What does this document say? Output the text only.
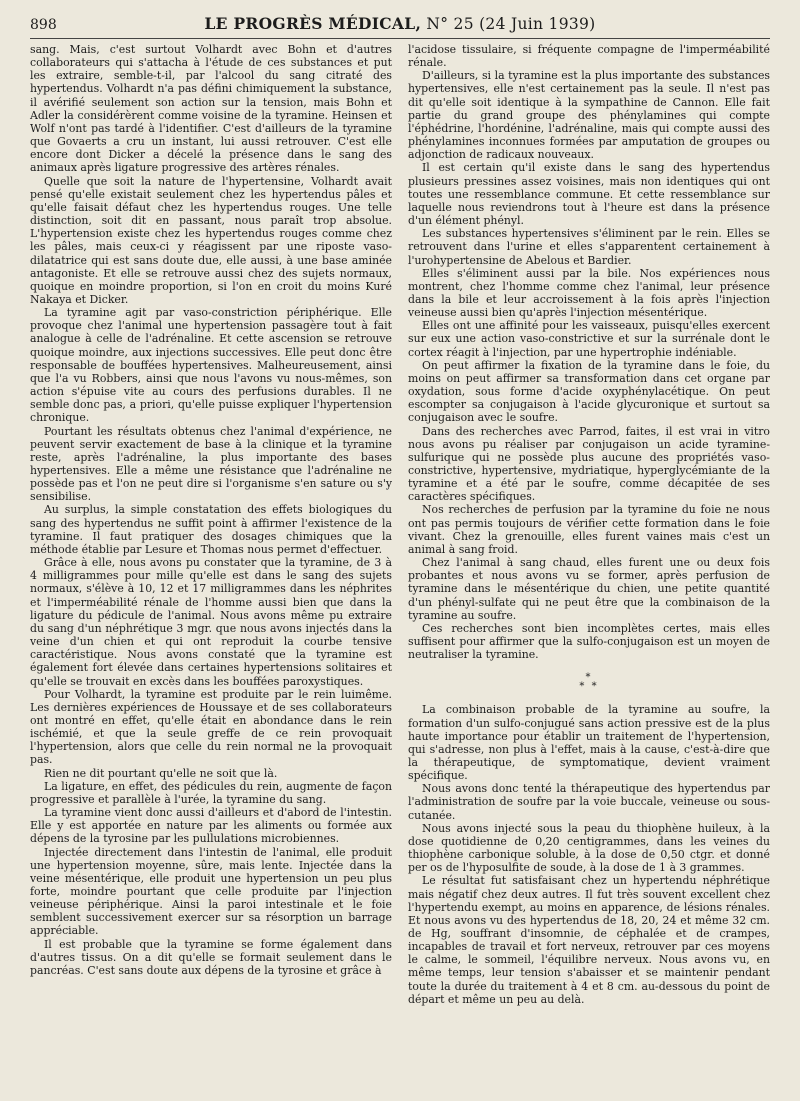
898	LE PROGRÈS MÉDICAL, N° 25 (24 Juin 1939)

sang. Mais, c'est surtout Volhardt avec Bohn et d'autres collaborateurs qui s'attacha à l'étude de ces substances et put les extraire, semble-t-il, par l'alcool du sang citraté des hypertendus. Volhardt n'a pas défini chimiquement la substance, il avérifié seulement son action sur la tension, mais Bohn et Adler la considérèrent comme voisine de la tyramine. Heinsen et Wolf n'ont pas tardé à l'identifier. C'est d'ailleurs de la tyramine que Govaerts a cru un instant, lui aussi retrouver. C'est elle encore dont Dicker a décelé la présence dans le sang des animaux après ligature progressive des artères rénales.

Quelle que soit la nature de l'hypertensine, Volhardt avait pensé qu'elle existait seulement chez les hypertendus pâles et qu'elle faisait défaut chez les hypertendus rouges. Une telle distinction, soit dit en passant, nous paraît trop absolue. L'hypertension existe chez les hypertendus rouges comme chez les pâles, mais ceux-ci y réagissent par une riposte vaso-dilatatrice qui est sans doute due, elle aussi, à une base aminée antagoniste. Et elle se retrouve aussi chez des sujets normaux, quoique en moindre proportion, si l'on en croit du moins Kuré Nakaya et Dicker.

La tyramine agit par vaso-constriction périphérique. Elle provoque chez l'animal une hypertension passagère tout à fait analogue à celle de l'adrénaline. Et cette ascension se retrouve quoique moindre, aux injections successives. Elle peut donc être responsable de bouffées hypertensives. Malheureusement, ainsi que l'a vu Robbers, ainsi que nous l'avons vu nous-mêmes, son action s'épuise vite au cours des perfusions durables. Il ne semble donc pas, a priori, qu'elle puisse expliquer l'hypertension chronique.

Pourtant les résultats obtenus chez l'animal d'expérience, ne peuvent servir exactement de base à la clinique et la tyramine reste, après l'adrénaline, la plus importante des bases hypertensives. Elle a même une résistance que l'adrénaline ne possède pas et l'on ne peut dire si l'organisme s'en sature ou s'y sensibilise.

Au surplus, la simple constatation des effets biologiques du sang des hypertendus ne suffit point à affirmer l'existence de la tyramine. Il faut pratiquer des dosages chimiques que la méthode établie par Lesure et Thomas nous permet d'effectuer.

Grâce à elle, nous avons pu constater que la tyramine, de 3 à 4 milligrammes pour mille qu'elle est dans le sang des sujets normaux, s'élève à 10, 12 et 17 milligrammes dans les néphrites et l'imperméabilité rénale de l'homme aussi bien que dans la ligature du pédicule de l'animal. Nous avons même pu extraire du sang d'un néphrétique 3 mgr. que nous avons injectés dans la veine d'un chien et qui ont reproduit la courbe tensive caractéristique. Nous avons constaté que la tyramine est également fort élevée dans certaines hypertensions solitaires et qu'elle se trouvait en excès dans les bouffées paroxystiques.

Pour Volhardt, la tyramine est produite par le rein luimême. Les dernières expériences de Houssaye et de ses collaborateurs ont montré en effet, qu'elle était en abondance dans le rein ischémié, et que la seule greffe de ce rein provoquait l'hypertension, alors que celle du rein normal ne la provoquait pas.

Rien ne dit pourtant qu'elle ne soit que là.

La ligature, en effet, des pédicules du rein, augmente de façon progressive et parallèle à l'urée, la tyramine du sang.

La tyramine vient donc aussi d'ailleurs et d'abord de l'intestin. Elle y est apportée en nature par les aliments ou formée aux dépens de la tyrosine par les pullulations microbiennes.

Injectée directement dans l'intestin de l'animal, elle produit une hypertension moyenne, sûre, mais lente. Injectée dans la veine mésentérique, elle produit une hypertension un peu plus forte, moindre pourtant que celle produite par l'injection veineuse périphérique. Ainsi la paroi intestinale et le foie semblent successivement exercer sur sa résorption un barrage appréciable.

Il est probable que la tyramine se forme également dans d'autres tissus. On a dit qu'elle se formait seulement dans le pancréas. C'est sans doute aux dépens de la tyrosine et grâce à

l'acidose tissulaire, si fréquente compagne de l'imperméabilité rénale.

D'ailleurs, si la tyramine est la plus importante des substances hypertensives, elle n'est certainement pas la seule. Il n'est pas dit qu'elle soit identique à la sympathine de Cannon. Elle fait partie du grand groupe des phénylamines qui compte l'éphédrine, l'hordénine, l'adrénaline, mais qui compte aussi des phénylamines inconnues formées par amputation de groupes ou adjonction de radicaux nouveaux.

Il est certain qu'il existe dans le sang des hypertendus plusieurs pressines assez voisines, mais non identiques qui ont toutes une ressemblance commune. Et cette ressemblance sur laquelle nous reviendrons tout à l'heure est dans la présence d'un élément phényl.

Les substances hypertensives s'éliminent par le rein. Elles se retrouvent dans l'urine et elles s'apparentent certainement à l'urohypertensine de Abelous et Bardier.

Elles s'éliminent aussi par la bile. Nos expériences nous montrent, chez l'homme comme chez l'animal, leur présence dans la bile et leur accroissement à la fois après l'injection veineuse aussi bien qu'après l'injection mésentérique.

Elles ont une affinité pour les vaisseaux, puisqu'elles exercent sur eux une action vaso-constrictive et sur la surrénale dont le cortex réagit à l'injection, par une hypertrophie indéniable.

On peut affirmer la fixation de la tyramine dans le foie, du moins on peut affirmer sa transformation dans cet organe par oxydation, sous forme d'acide oxyphénylacétique. On peut escompter sa conjugaison à l'acide glycuronique et surtout sa conjugaison avec le soufre.

Dans des recherches avec Parrod, faites, il est vrai in vitro nous avons pu réaliser par conjugaison un acide tyramine-sulfurique qui ne possède plus aucune des propriétés vaso-constrictive, hypertensive, mydriatique, hyperglycémiante de la tyramine et a été par le soufre, comme décapitée de ses caractères spécifiques.

Nos recherches de perfusion par la tyramine du foie ne nous ont pas permis toujours de vérifier cette formation dans le foie vivant. Chez la grenouille, elles furent vaines mais c'est un animal à sang froid.

Chez l'animal à sang chaud, elles furent une ou deux fois probantes et nous avons vu se former, après perfusion de tyramine dans le mésentérique du chien, une petite quantité d'un phényl-sulfate qui ne peut être que la combinaison de la tyramine au soufre.

Ces recherches sont bien incomplètes certes, mais elles suffisent pour affirmer que la sulfo-conjugaison est un moyen de neutraliser la tyramine.

*
* *

La combinaison probable de la tyramine au soufre, la formation d'un sulfo-conjugué sans action pressive est de la plus haute importance pour établir un traitement de l'hypertension, qui s'adresse, non plus à l'effet, mais à la cause, c'est-à-dire que la thérapeutique, de symptomatique, devient vraiment spécifique.

Nous avons donc tenté la thérapeutique des hypertendus par l'administration de soufre par la voie buccale, veineuse ou sous-cutanée.

Nous avons injecté sous la peau du thiophène huileux, à la dose quotidienne de 0,20 centigrammes, dans les veines du thiophène carbonique soluble, à la dose de 0,50 ctgr. et donné per os de l'hyposulfite de soude, à la dose de 1 à 3 grammes.

Le résultat fut satisfaisant chez un hypertendu néphrétique mais négatif chez deux autres. Il fut très souvent excellent chez l'hypertendu exempt, au moins en apparence, de lésions rénales. Et nous avons vu des hypertendus de 18, 20, 24 et même 32 cm. de Hg, souffrant d'insomnie, de céphalée et de crampes, incapables de travail et fort nerveux, retrouver par ces moyens le calme, le sommeil, l'équilibre nerveux. Nous avons vu, en même temps, leur tension s'abaisser et se maintenir pendant toute la durée du traitement à 4 et 8 cm. au-dessous du point de départ et même un peu au delà.
